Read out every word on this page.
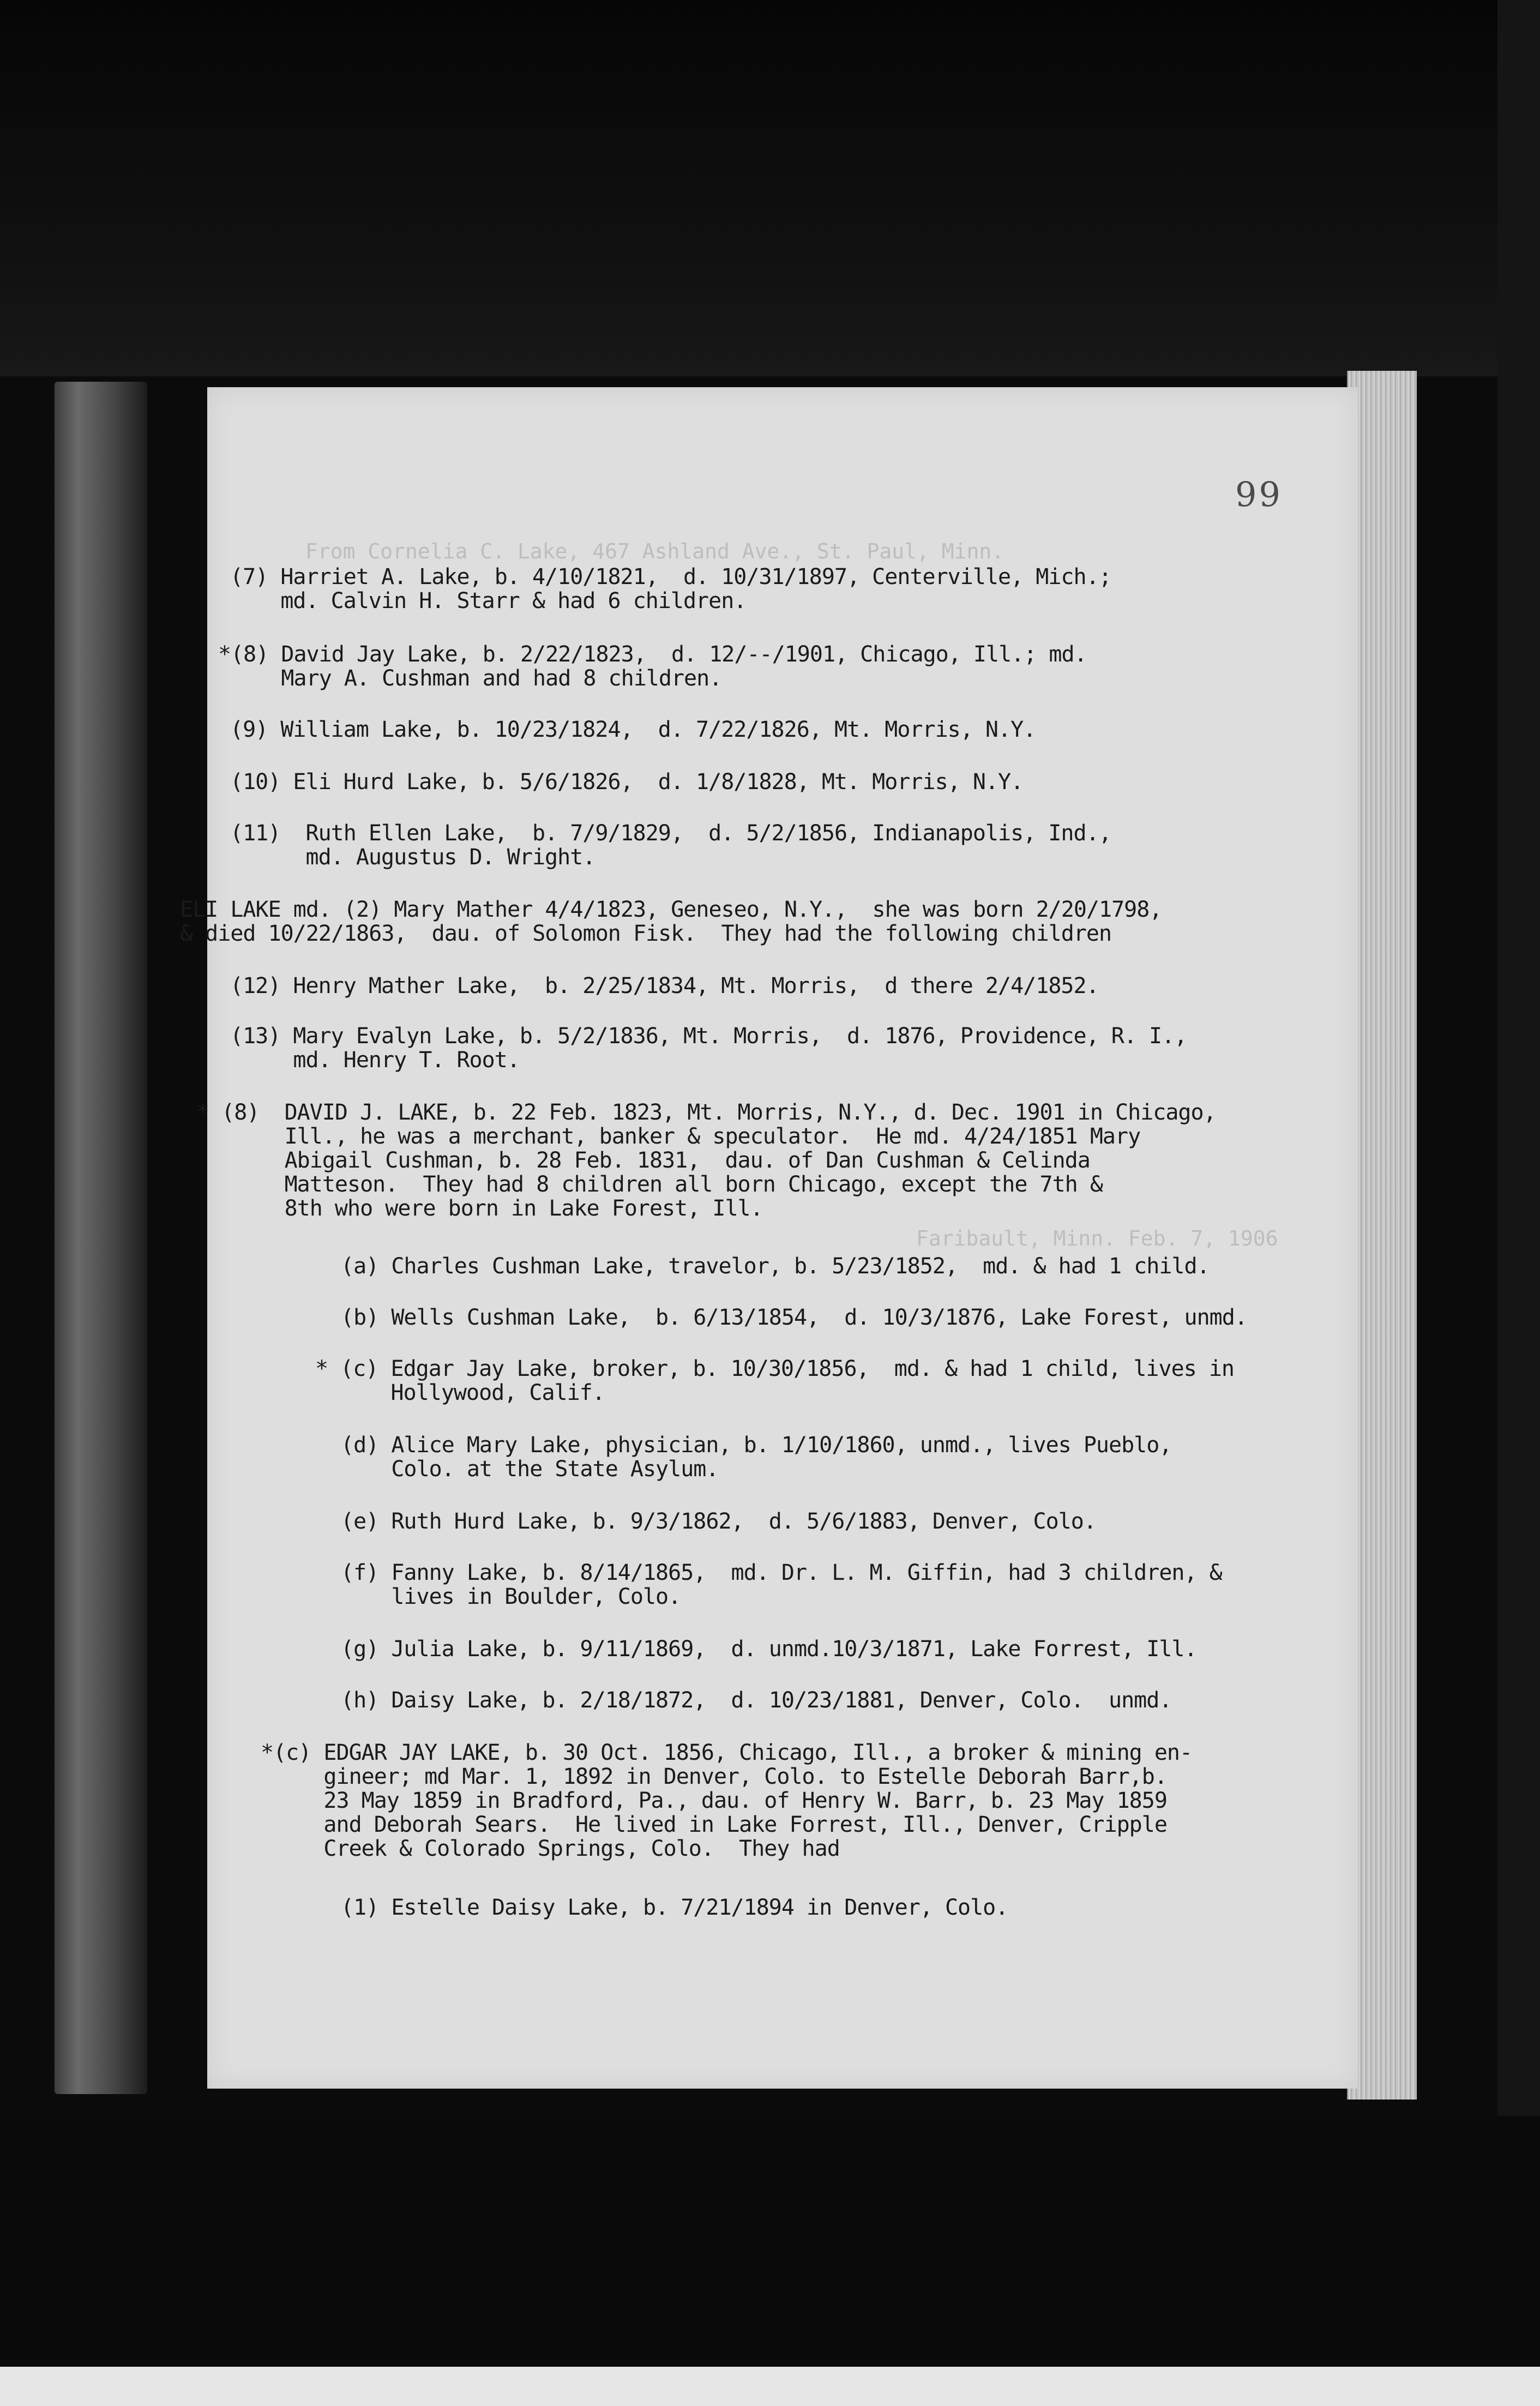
From Cornelia C. Lake, 467 Ashland Ave., St. Paul, Minn.
Faribault, Minn. Feb. 7, 1906
99
(7) Harriet A. Lake, b. 4/10/1821,  d. 10/31/1897, Centerville, Mich.;
md. Calvin H. Starr & had 6 children.
*(8) David Jay Lake, b. 2/22/1823,  d. 12/--/1901, Chicago, Ill.; md.
Mary A. Cushman and had 8 children.
(9) William Lake, b. 10/23/1824,  d. 7/22/1826, Mt. Morris, N.Y.
(10) Eli Hurd Lake, b. 5/6/1826,  d. 1/8/1828, Mt. Morris, N.Y.
(11)  Ruth Ellen Lake,  b. 7/9/1829,  d. 5/2/1856, Indianapolis, Ind.,
md. Augustus D. Wright.
ELI LAKE md. (2) Mary Mather 4/4/1823, Geneseo, N.Y.,  she was born 2/20/1798,
& died 10/22/1863,  dau. of Solomon Fisk.  They had the following children
(12) Henry Mather Lake,  b. 2/25/1834, Mt. Morris,  d there 2/4/1852.
(13) Mary Evalyn Lake, b. 5/2/1836, Mt. Morris,  d. 1876, Providence, R. I.,
md. Henry T. Root.
* (8)  DAVID J. LAKE, b. 22 Feb. 1823, Mt. Morris, N.Y., d. Dec. 1901 in Chicago,
Ill., he was a merchant, banker & speculator.  He md. 4/24/1851 Mary
Abigail Cushman, b. 28 Feb. 1831,  dau. of Dan Cushman & Celinda
Matteson.  They had 8 children all born Chicago, except the 7th &
8th who were born in Lake Forest, Ill.
(a) Charles Cushman Lake, travelor, b. 5/23/1852,  md. & had 1 child.
(b) Wells Cushman Lake,  b. 6/13/1854,  d. 10/3/1876, Lake Forest, unmd.
* (c) Edgar Jay Lake, broker, b. 10/30/1856,  md. & had 1 child, lives in
Hollywood, Calif.
(d) Alice Mary Lake, physician, b. 1/10/1860, unmd., lives Pueblo,
Colo. at the State Asylum.
(e) Ruth Hurd Lake, b. 9/3/1862,  d. 5/6/1883, Denver, Colo.
(f) Fanny Lake, b. 8/14/1865,  md. Dr. L. M. Giffin, had 3 children, &
lives in Boulder, Colo.
(g) Julia Lake, b. 9/11/1869,  d. unmd.10/3/1871, Lake Forrest, Ill.
(h) Daisy Lake, b. 2/18/1872,  d. 10/23/1881, Denver, Colo.  unmd.
*(c) EDGAR JAY LAKE, b. 30 Oct. 1856, Chicago, Ill., a broker & mining en-
gineer; md Mar. 1, 1892 in Denver, Colo. to Estelle Deborah Barr,b.
23 May 1859 in Bradford, Pa., dau. of Henry W. Barr, b. 23 May 1859
and Deborah Sears.  He lived in Lake Forrest, Ill., Denver, Cripple
Creek & Colorado Springs, Colo.  They had
(1) Estelle Daisy Lake, b. 7/21/1894 in Denver, Colo.
